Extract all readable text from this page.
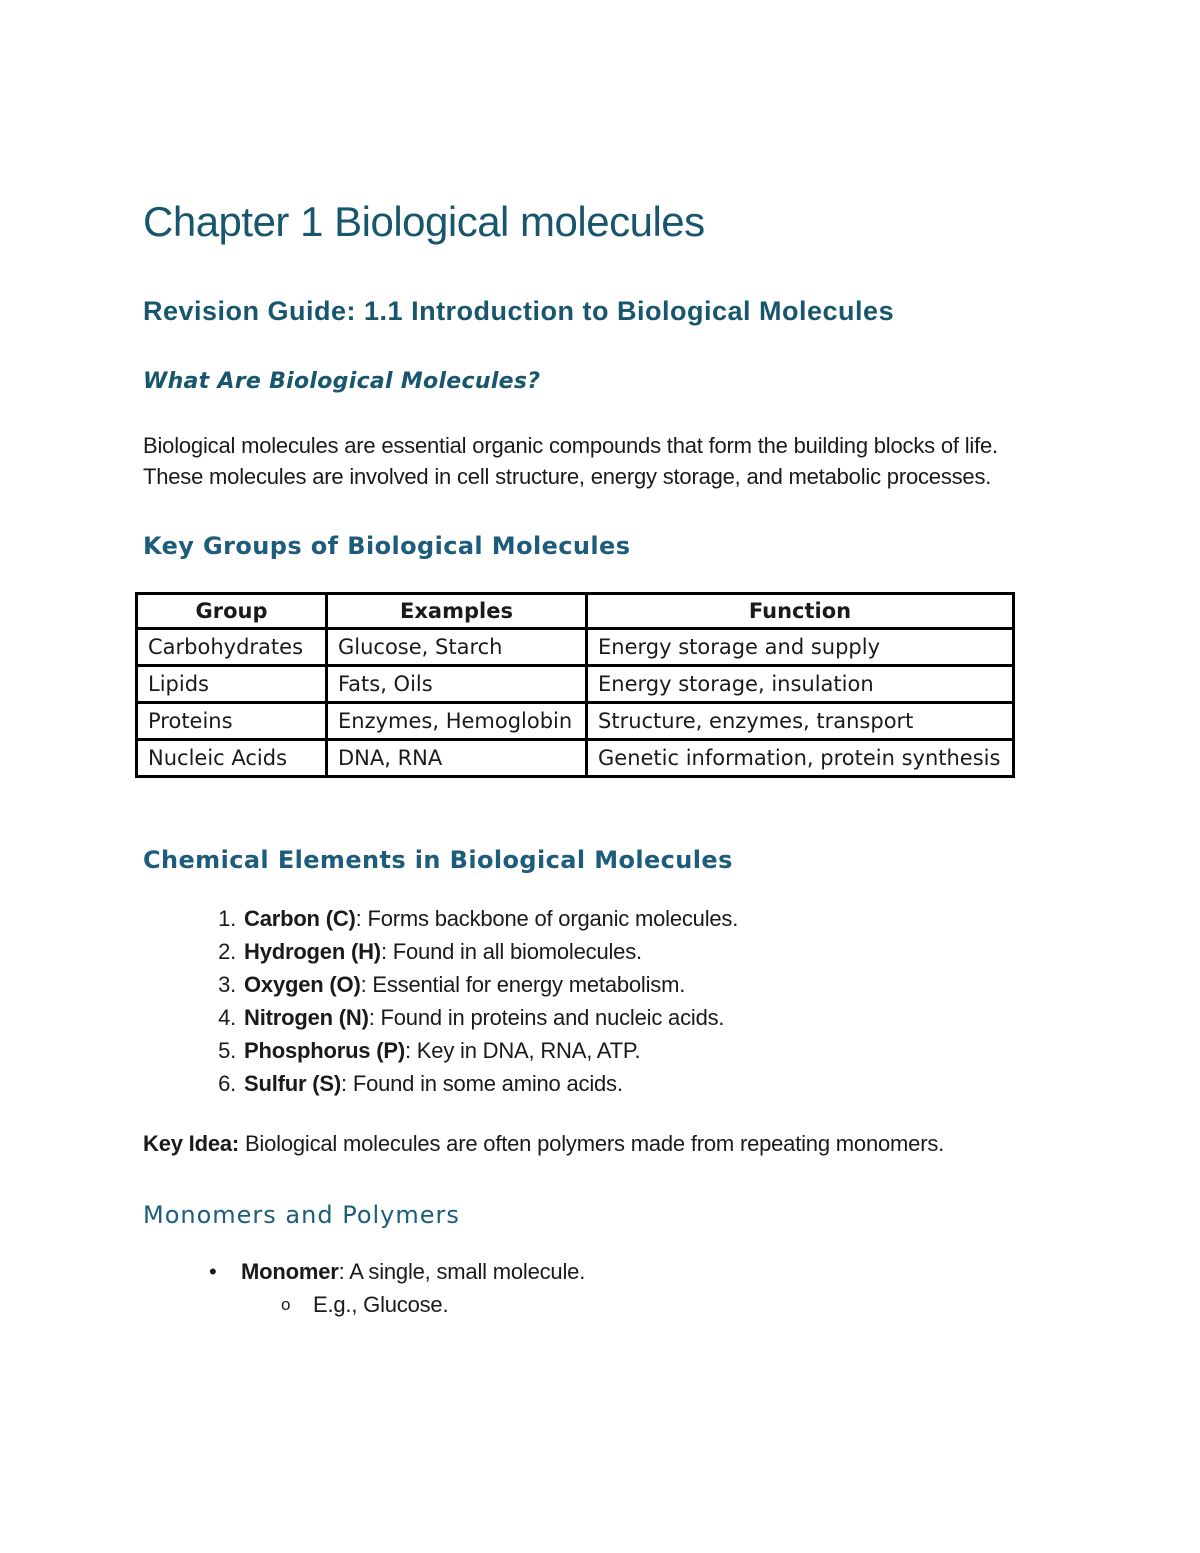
Chapter 1 Biological molecules
Revision Guide: 1.1 Introduction to Biological Molecules
What Are Biological Molecules?

Biological molecules are essential organic compounds that form the building blocks of life. These molecules are involved in cell structure, energy storage, and metabolic processes.

Key Groups of Biological Molecules
Group	Examples	Function
Carbohydrates	Glucose, Starch	Energy storage and supply
Lipids	Fats, Oils	Energy storage, insulation
Proteins	Enzymes, Hemoglobin	Structure, enzymes, transport
Nucleic Acids	DNA, RNA	Genetic information, protein synthesis
Chemical Elements in Biological Molecules
1. Carbon (C): Forms backbone of organic molecules.
2. Hydrogen (H): Found in all biomolecules.
3. Oxygen (O): Essential for energy metabolism.
4. Nitrogen (N): Found in proteins and nucleic acids.
5. Phosphorus (P): Key in DNA, RNA, ATP.
6. Sulfur (S): Found in some amino acids.

Key Idea: Biological molecules are often polymers made from repeating monomers.

Monomers and Polymers
•	Monomer: A single, small molecule.
o	E.g., Glucose.
